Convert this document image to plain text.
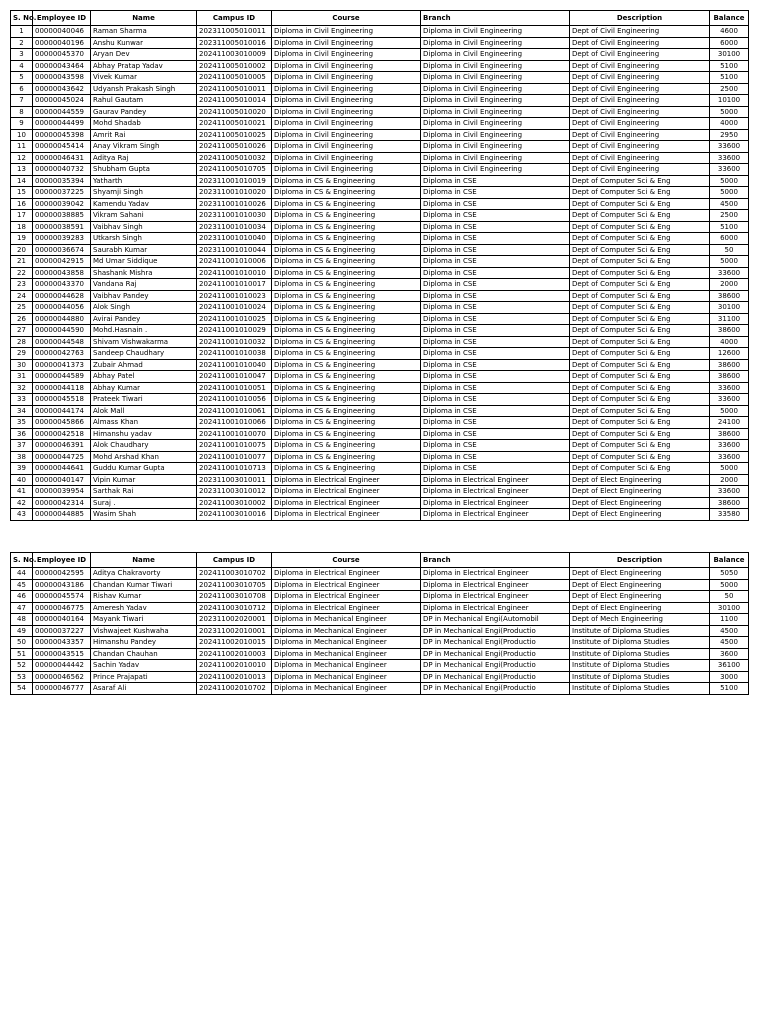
S. No.	Employee ID	Name	Campus ID	Course	Branch	Description	Balance
1	00000040046	Raman Sharma	202311005010011	Diploma in Civil Engineering	Diploma in Civil Engineering	Dept of Civil Engineering	4600
2	00000040196	Anshu Kunwar	202311005010016	Diploma in Civil Engineering	Diploma in Civil Engineering	Dept of Civil Engineering	6000
3	00000045370	Aryan Dev	202411003010009	Diploma in Civil Engineering	Diploma in Civil Engineering	Dept of Civil Engineering	30100
4	00000043464	Abhay Pratap Yadav	202411005010002	Diploma in Civil Engineering	Diploma in Civil Engineering	Dept of Civil Engineering	5100
5	00000043598	Vivek Kumar	202411005010005	Diploma in Civil Engineering	Diploma in Civil Engineering	Dept of Civil Engineering	5100
6	00000043642	Udyansh Prakash Singh	202411005010011	Diploma in Civil Engineering	Diploma in Civil Engineering	Dept of Civil Engineering	2500
7	00000045024	Rahul Gautam	202411005010014	Diploma in Civil Engineering	Diploma in Civil Engineering	Dept of Civil Engineering	10100
8	00000044559	Gaurav Pandey	202411005010020	Diploma in Civil Engineering	Diploma in Civil Engineering	Dept of Civil Engineering	5000
9	00000044499	Mohd Shadab	202411005010021	Diploma in Civil Engineering	Diploma in Civil Engineering	Dept of Civil Engineering	4000
10	00000045398	Amrit Rai	202411005010025	Diploma in Civil Engineering	Diploma in Civil Engineering	Dept of Civil Engineering	2950
11	00000045414	Anay Vikram Singh	202411005010026	Diploma in Civil Engineering	Diploma in Civil Engineering	Dept of Civil Engineering	33600
12	00000046431	Aditya Raj	202411005010032	Diploma in Civil Engineering	Diploma in Civil Engineering	Dept of Civil Engineering	33600
13	00000040732	Shubham Gupta	202411005010705	Diploma in Civil Engineering	Diploma in Civil Engineering	Dept of Civil Engineering	33600
14	00000035394	Yatharth	202311001010019	Diploma in CS & Engineering	Diploma in CSE	Dept of Computer Sci & Eng	5000
15	00000037225	Shyamji Singh	202311001010020	Diploma in CS & Engineering	Diploma in CSE	Dept of Computer Sci & Eng	5000
16	00000039042	Kamendu Yadav	202311001010026	Diploma in CS & Engineering	Diploma in CSE	Dept of Computer Sci & Eng	4500
17	00000038885	Vikram Sahani	202311001010030	Diploma in CS & Engineering	Diploma in CSE	Dept of Computer Sci & Eng	2500
18	00000038591	Vaibhav Singh	202311001010034	Diploma in CS & Engineering	Diploma in CSE	Dept of Computer Sci & Eng	5100
19	00000039283	Utkarsh Singh	202311001010040	Diploma in CS & Engineering	Diploma in CSE	Dept of Computer Sci & Eng	6000
20	00000036674	Saurabh Kumar	202311001010044	Diploma in CS & Engineering	Diploma in CSE	Dept of Computer Sci & Eng	50
21	00000042915	Md Umar Siddique	202411001010006	Diploma in CS & Engineering	Diploma in CSE	Dept of Computer Sci & Eng	5000
22	00000043858	Shashank Mishra	202411001010010	Diploma in CS & Engineering	Diploma in CSE	Dept of Computer Sci & Eng	33600
23	00000043370	Vandana Raj	202411001010017	Diploma in CS & Engineering	Diploma in CSE	Dept of Computer Sci & Eng	2000
24	00000044628	Vaibhav Pandey	202411001010023	Diploma in CS & Engineering	Diploma in CSE	Dept of Computer Sci & Eng	38600
25	00000044056	Alok Singh	202411001010024	Diploma in CS & Engineering	Diploma in CSE	Dept of Computer Sci & Eng	30100
26	00000044880	Avirai Pandey	202411001010025	Diploma in CS & Engineering	Diploma in CSE	Dept of Computer Sci & Eng	31100
27	00000044590	Mohd.Hasnain .	202411001010029	Diploma in CS & Engineering	Diploma in CSE	Dept of Computer Sci & Eng	38600
28	00000044548	Shivam Vishwakarma	202411001010032	Diploma in CS & Engineering	Diploma in CSE	Dept of Computer Sci & Eng	4000
29	00000042763	Sandeep Chaudhary	202411001010038	Diploma in CS & Engineering	Diploma in CSE	Dept of Computer Sci & Eng	12600
30	00000041373	Zubair Ahmad	202411001010040	Diploma in CS & Engineering	Diploma in CSE	Dept of Computer Sci & Eng	38600
31	00000044589	Abhay Patel	202411001010047	Diploma in CS & Engineering	Diploma in CSE	Dept of Computer Sci & Eng	38600
32	00000044118	Abhay Kumar	202411001010051	Diploma in CS & Engineering	Diploma in CSE	Dept of Computer Sci & Eng	33600
33	00000045518	Prateek Tiwari	202411001010056	Diploma in CS & Engineering	Diploma in CSE	Dept of Computer Sci & Eng	33600
34	00000044174	Alok Mall	202411001010061	Diploma in CS & Engineering	Diploma in CSE	Dept of Computer Sci & Eng	5000
35	00000045866	Almass Khan	202411001010066	Diploma in CS & Engineering	Diploma in CSE	Dept of Computer Sci & Eng	24100
36	00000042518	Himanshu yadav	202411001010070	Diploma in CS & Engineering	Diploma in CSE	Dept of Computer Sci & Eng	38600
37	00000046391	Alok Chaudhary	202411001010075	Diploma in CS & Engineering	Diploma in CSE	Dept of Computer Sci & Eng	33600
38	00000044725	Mohd Arshad Khan	202411001010077	Diploma in CS & Engineering	Diploma in CSE	Dept of Computer Sci & Eng	33600
39	00000044641	Guddu Kumar Gupta	202411001010713	Diploma in CS & Engineering	Diploma in CSE	Dept of Computer Sci & Eng	5000
40	00000040147	Vipin Kumar	202311003010011	Diploma in Electrical Engineer	Diploma in Electrical Engineer	Dept of Elect Engineering	2000
41	00000039954	Sarthak Rai	202311003010012	Diploma in Electrical Engineer	Diploma in Electrical Engineer	Dept of Elect Engineering	33600
42	00000042314	Suraj .	202411003010002	Diploma in Electrical Engineer	Diploma in Electrical Engineer	Dept of Elect Engineering	38600
43	00000044885	Wasim Shah	202411003010016	Diploma in Electrical Engineer	Diploma in Electrical Engineer	Dept of Elect Engineering	33580
S. No.	Employee ID	Name	Campus ID	Course	Branch	Description	Balance
44	00000042595	Aditya Chakravorty	202411003010702	Diploma in Electrical Engineer	Diploma in Electrical Engineer	Dept of Elect Engineering	5050
45	00000043186	Chandan Kumar Tiwari	202411003010705	Diploma in Electrical Engineer	Diploma in Electrical Engineer	Dept of Elect Engineering	5000
46	00000045574	Rishav Kumar	202411003010708	Diploma in Electrical Engineer	Diploma in Electrical Engineer	Dept of Elect Engineering	50
47	00000046775	Ameresh Yadav	202411003010712	Diploma in Electrical Engineer	Diploma in Electrical Engineer	Dept of Elect Engineering	30100
48	00000040164	Mayank Tiwari	202311002020001	Diploma in Mechanical Engineer	DP in Mechanical Engi(Automobil	Dept of Mech Engineering	1100
49	00000037227	Vishwajeet Kushwaha	202311002010001	Diploma in Mechanical Engineer	DP in Mechanical Engi(Productio	Institute of Diploma Studies	4500
50	00000043357	Himanshu Pandey	202411002010015	Diploma in Mechanical Engineer	DP in Mechanical Engi(Productio	Institute of Diploma Studies	4500
51	00000043515	Chandan Chauhan	202411002010003	Diploma in Mechanical Engineer	DP in Mechanical Engi(Productio	Institute of Diploma Studies	3600
52	00000044442	Sachin Yadav	202411002010010	Diploma in Mechanical Engineer	DP in Mechanical Engi(Productio	Institute of Diploma Studies	36100
53	00000046562	Prince Prajapati	202411002010013	Diploma in Mechanical Engineer	DP in Mechanical Engi(Productio	Institute of Diploma Studies	3000
54	00000046777	Asaraf Ali	202411002010702	Diploma in Mechanical Engineer	DP in Mechanical Engi(Productio	Institute of Diploma Studies	5100
